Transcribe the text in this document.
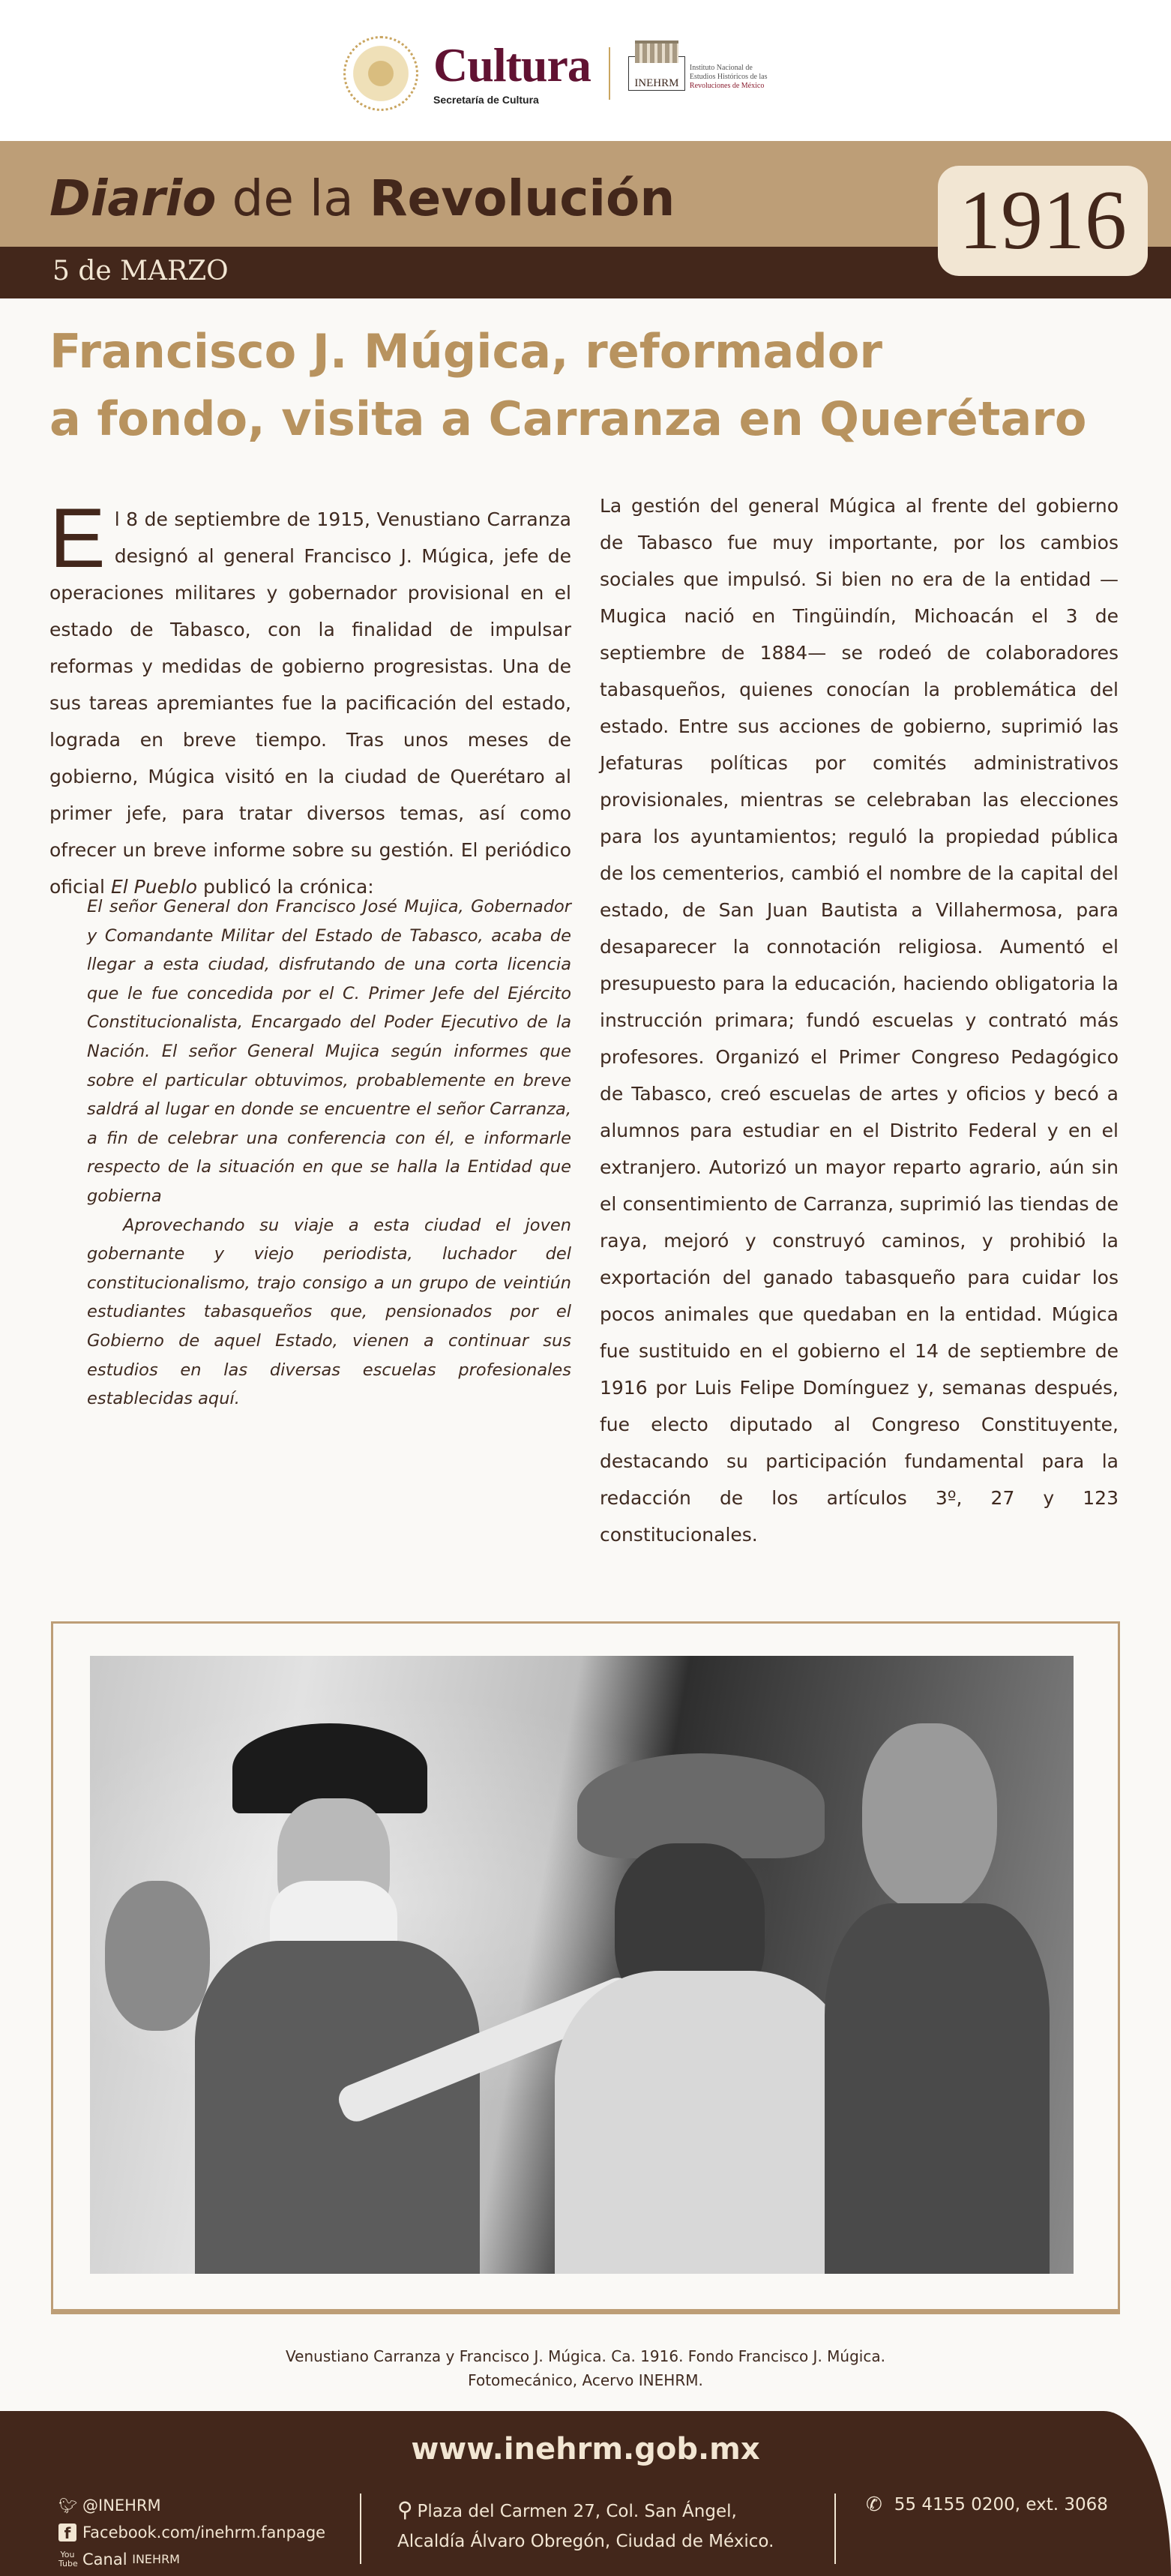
Cultura
Secretaría de Cultura
INEHRM
Instituto Nacional de
Estudios Históricos de las
Revoluciones de México
Diario de la Revolución
5 de MARZO
1916
Francisco J. Múgica, reformador
a fondo, visita a Carranza en Querétaro
El 8 de septiembre de 1915, Venustiano Carranza designó al general Francisco J. Múgica, jefe de operaciones militares y gobernador provisional en el estado de Tabasco, con la finalidad de impulsar reformas y medidas de gobierno progresistas. Una de sus tareas apremiantes fue la pacificación del estado, lograda en breve tiempo. Tras unos meses de gobierno, Múgica visitó en la ciudad de Querétaro al primer jefe, para tratar diversos temas, así como ofrecer un breve informe sobre su gestión. El periódico oficial El Pueblo publicó la crónica:

El señor General don Francisco José Mujica, Gobernador y Comandante Militar del Estado de Tabasco, acaba de llegar a esta ciudad, disfrutando de una corta licencia que le fue concedida por el C. Primer Jefe del Ejército Constitucionalista, Encargado del Poder Ejecutivo de la Nación. El señor General Mujica según informes que sobre el particular obtuvimos, probablemente en breve saldrá al lugar en donde se encuentre el señor Carranza, a fin de celebrar una conferencia con él, e informarle respecto de la situación en que se halla la Entidad que gobierna

Aprovechando su viaje a esta ciudad el joven gobernante y viejo periodista, luchador del constitucionalismo, trajo consigo a un grupo de veintiún estudiantes tabasqueños que, pensionados por el Gobierno de aquel Estado, vienen a continuar sus estudios en las diversas escuelas profesionales establecidas aquí.

La gestión del general Múgica al frente del gobierno de Tabasco fue muy importante, por los cambios sociales que impulsó. Si bien no era de la entidad —Mugica nació en Tingüindín, Michoacán el 3 de septiembre de 1884— se rodeó de colaboradores tabasqueños, quienes conocían la problemática del estado. Entre sus acciones de gobierno, suprimió las Jefaturas políticas por comités administrativos provisionales, mientras se celebraban las elecciones para los ayuntamientos; reguló la propiedad pública de los cementerios, cambió el nombre de la capital del estado, de San Juan Bautista a Villahermosa, para desaparecer la connotación religiosa. Aumentó el presupuesto para la educación, haciendo obligatoria la instrucción primara; fundó escuelas y contrató más profesores. Organizó el Primer Congreso Pedagógico de Tabasco, creó escuelas de artes y oficios y becó a alumnos para estudiar en el Distrito Federal y en el extranjero. Autorizó un mayor reparto agrario, aún sin el consentimiento de Carranza, suprimió las tiendas de raya, mejoró y construyó caminos, y prohibió la exportación del ganado tabasqueño para cuidar los pocos animales que quedaban en la entidad. Múgica fue sustituido en el gobierno el 14 de septiembre de 1916 por Luis Felipe Domínguez y, semanas después, fue electo diputado al Congreso Constituyente, destacando su participación fundamental para la redacción de los artículos 3º, 27 y 123 constitucionales.
Venustiano Carranza y Francisco J. Múgica. Ca. 1916. Fondo Francisco J. Múgica.
Fotomecánico, Acervo INEHRM.
www.inehrm.gob.mx
🐦︎ @INEHRM
f Facebook.com/inehrm.fanpage
You
Tube Canal INEHRM
⚲ Plaza del Carmen 27, Col. San Ángel,
Alcaldía Álvaro Obregón, Ciudad de México.
✆ 55 4155 0200, ext. 3068
